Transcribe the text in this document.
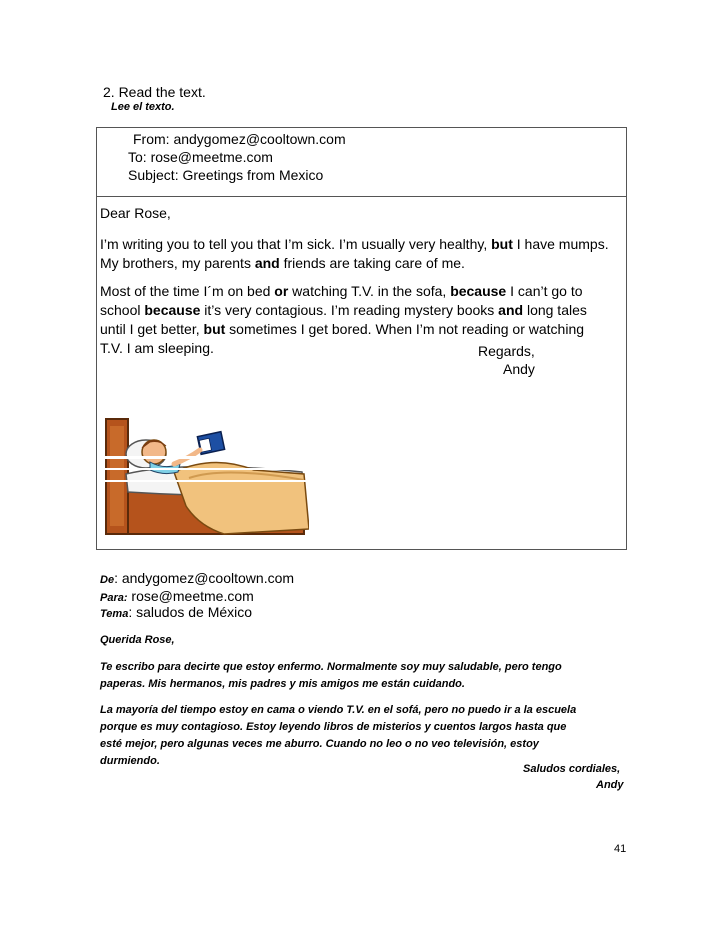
2. Read the text.
Lee el texto.
From: andygomez@cooltown.com
To: rose@meetme.com
Subject: Greetings from Mexico
Dear Rose,
I’m writing you to tell you that I’m sick. I’m usually very healthy, but I have mumps.
My brothers, my parents and friends are taking care of me.
Most of the time I´m on bed or watching T.V. in the sofa, because I can’t go to
school because it’s very contagious. I’m reading mystery books and long tales
until I get better, but sometimes I get bored. When I’m not reading or watching
T.V. I am sleeping.	Regards,
Andy
De: andygomez@cooltown.com
Para: rose@meetme.com
Tema: saludos de México
Querida Rose,
Te escribo para decirte que estoy enfermo. Normalmente soy muy saludable, pero tengo
paperas. Mis hermanos, mis padres y mis amigos me están cuidando.
La mayoría del tiempo estoy en cama o viendo T.V. en el sofá, pero no puedo ir a la escuela
porque es muy contagioso. Estoy leyendo libros de misterios y cuentos largos hasta que
esté mejor, pero algunas veces me aburro. Cuando no leo o no veo televisión, estoy
durmiendo.
Saludos cordiales,
Andy
41
